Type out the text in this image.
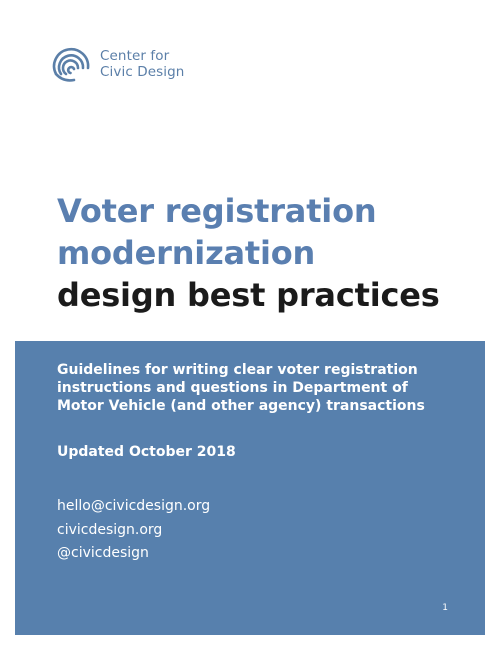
Center for
Civic Design
Voter registration
modernization
design best practices
Guidelines for writing clear voter registration
instructions and questions in Department of
Motor Vehicle (and other agency) transactions
Updated October 2018
hello@civicdesign.org
civicdesign.org
@civicdesign
1
